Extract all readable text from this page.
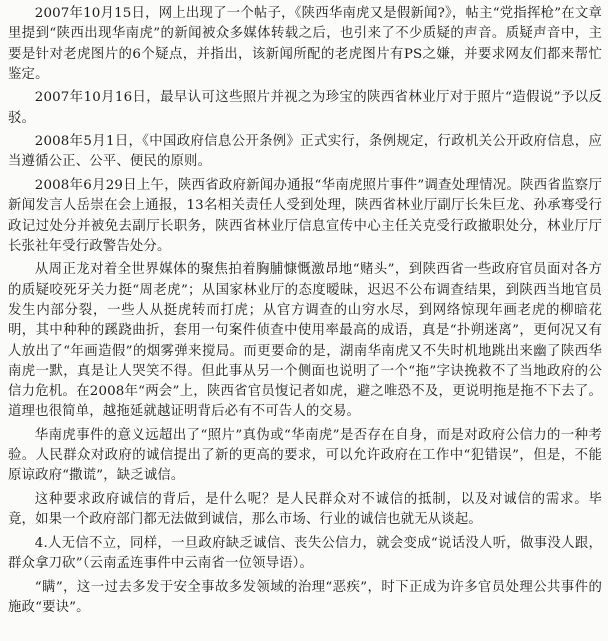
2007年10月15日，网上出现了一个帖子，《陕西华南虎又是假新闻?》，帖主“党指挥枪”在文章里提到“陕西出现华南虎”的新闻被众多媒体转载之后，也引来了不少质疑的声音。质疑声音中，主要是针对老虎图片的6个疑点，并指出，该新闻所配的老虎图片有PS之嫌，并要求网友们都来帮忙鉴定。

2007年10月16日，最早认可这些照片并视之为珍宝的陕西省林业厅对于照片“造假说”予以反驳。

2008年5月1日，《中国政府信息公开条例》正式实行，条例规定，行政机关公开政府信息，应当遵循公正、公平、便民的原则。

2008年6月29日上午，陕西省政府新闻办通报“华南虎照片事件”调查处理情况。陕西省监察厅新闻发言人岳崇在会上通报，13名相关责任人受到处理，陕西省林业厅副厅长朱巨龙、孙承骞受行政记过处分并被免去副厅长职务，陕西省林业厅信息宣传中心主任关克受行政撤职处分，林业厅厅长张社年受行政警告处分。

从周正龙对着全世界媒体的聚焦拍着胸脯慷慨激昂地“赌头”，到陕西省一些政府官员面对各方的质疑咬死牙关力挺“周老虎”；从国家林业厅的态度暧昧，迟迟不公布调查结果，到陕西当地官员发生内部分裂，一些人从挺虎转而打虎；从官方调查的山穷水尽，到网络惊现年画老虎的柳暗花明，其中种种的蹊跷曲折，套用一句案件侦查中使用率最高的成语，真是“扑朔迷离”，更何况又有人放出了“年画造假”的烟雾弹来搅局。而更要命的是，湖南华南虎又不失时机地跳出来幽了陕西华南虎一默，真是让人哭笑不得。但此事从另一个侧面也说明了一个“拖”字诀挽救不了当地政府的公信力危机。在2008年“两会”上，陕西省官员愎记者如虎，避之唯恐不及，更说明拖是拖不下去了。道理也很简单，越拖延就越证明背后必有不可告人的交易。

华南虎事件的意义远超出了“照片”真伪或“华南虎”是否存在自身，而是对政府公信力的一种考验。人民群众对政府的诚信提出了新的更高的要求，可以允许政府在工作中“犯错误”，但是，不能原谅政府“撒谎”，缺乏诚信。

这种要求政府诚信的背后，是什么呢？是人民群众对不诚信的抵制，以及对诚信的需求。毕竟，如果一个政府部门都无法做到诚信，那么市场、行业的诚信也就无从谈起。

4.人无信不立，同样，一旦政府缺乏诚信、丧失公信力，就会变成“说话没人听，做事没人跟，群众拿刀砍”（云南孟连事件中云南省一位领导语）。

“瞒”，这一过去多发于安全事故多发领域的治理“恶疾”，时下正成为许多官员处理公共事件的施政“要诀”。
